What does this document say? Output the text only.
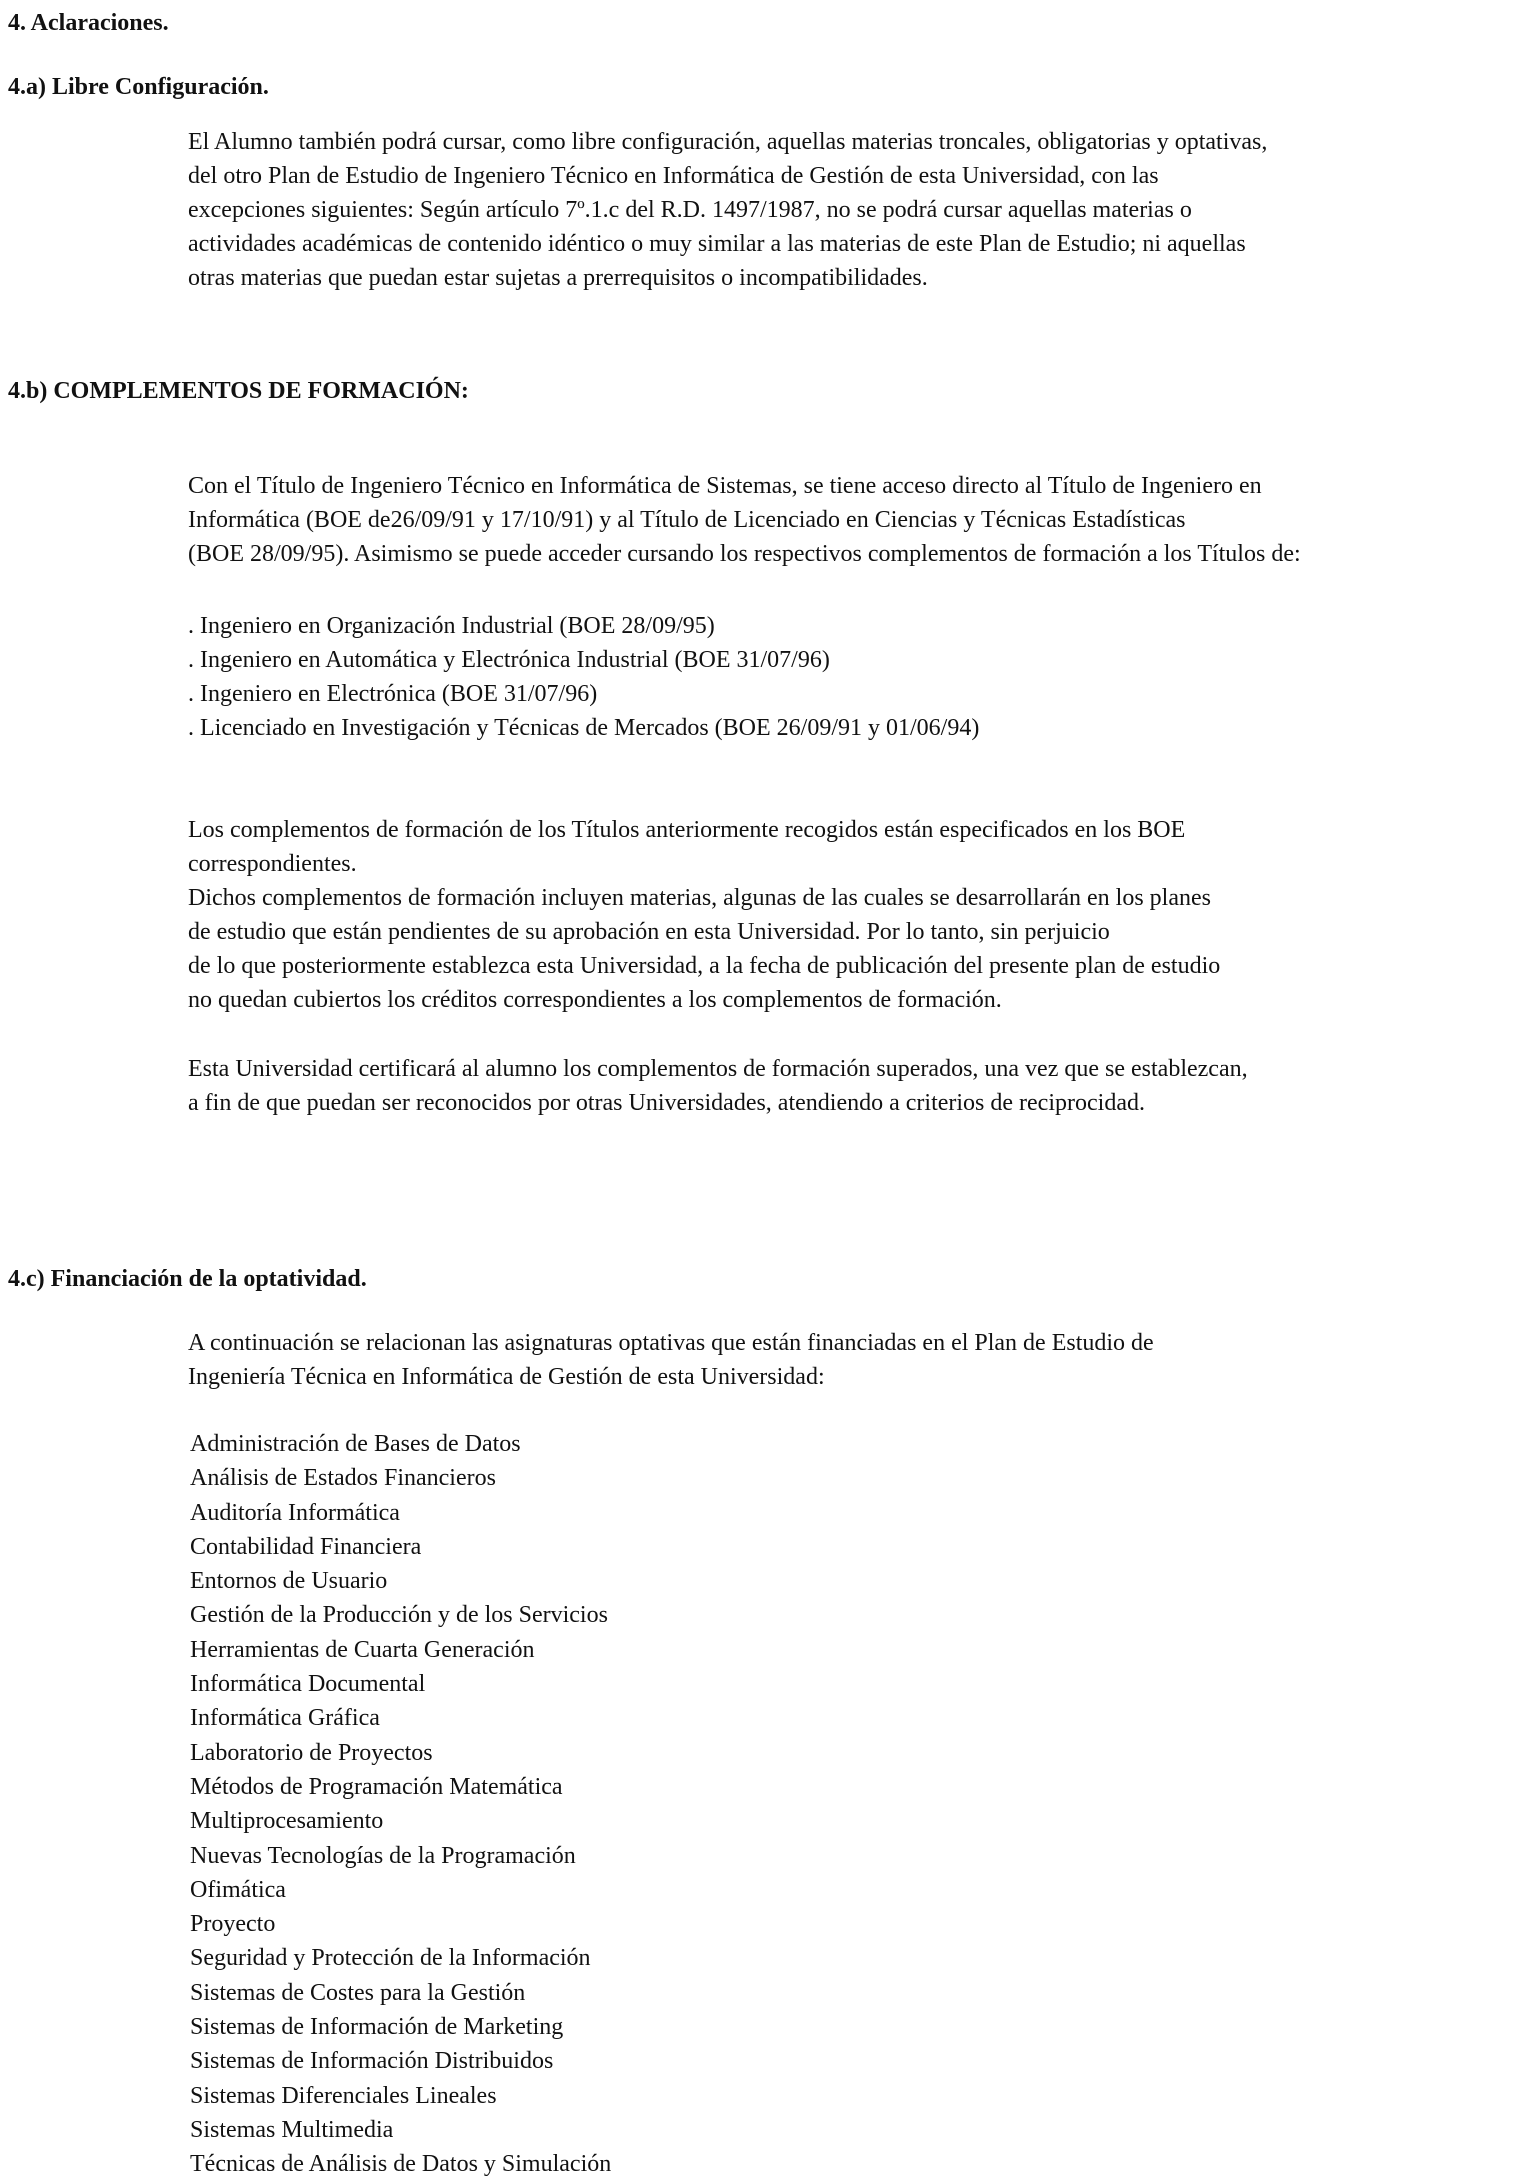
4. Aclaraciones.
4.a) Libre Configuración.
El Alumno también podrá cursar, como libre configuración, aquellas materias troncales, obligatorias y optativas,
del otro Plan de Estudio de Ingeniero Técnico en Informática de Gestión de esta Universidad, con las
excepciones siguientes: Según artículo 7º.1.c del R.D. 1497/1987, no se podrá cursar aquellas materias o
actividades académicas de contenido idéntico o muy similar a las materias de este Plan de Estudio; ni aquellas
otras materias que puedan estar sujetas a prerrequisitos o incompatibilidades.
4.b) COMPLEMENTOS DE FORMACIÓN:
Con el Título de Ingeniero Técnico en Informática de Sistemas, se tiene acceso directo al Título de Ingeniero en
Informática (BOE de26/09/91 y 17/10/91) y al Título de Licenciado en Ciencias y Técnicas Estadísticas
(BOE 28/09/95). Asimismo se puede acceder cursando los respectivos complementos de formación a los Títulos de:
. Ingeniero en Organización Industrial (BOE 28/09/95)
. Ingeniero en Automática y Electrónica Industrial (BOE 31/07/96)
. Ingeniero en Electrónica (BOE 31/07/96)
. Licenciado en Investigación y Técnicas de Mercados (BOE 26/09/91 y 01/06/94)
Los complementos de formación de los Títulos anteriormente recogidos están especificados en los BOE
correspondientes.
Dichos complementos de formación incluyen materias, algunas de las cuales se desarrollarán en los planes
de estudio que están pendientes de su aprobación en esta Universidad. Por lo tanto, sin perjuicio
de lo que posteriormente establezca esta Universidad, a la fecha de publicación del presente plan de estudio
no quedan cubiertos los créditos correspondientes a los complementos de formación.
Esta Universidad certificará al alumno los complementos de formación superados, una vez que se establezcan,
a fin de que puedan ser reconocidos por otras Universidades, atendiendo a criterios de reciprocidad.
4.c) Financiación de la optatividad.
A continuación se relacionan las asignaturas optativas que están financiadas en el Plan de Estudio de
Ingeniería Técnica en Informática de Gestión de esta Universidad:
Administración de Bases de Datos
Análisis de Estados Financieros
Auditoría Informática
Contabilidad Financiera
Entornos de Usuario
Gestión de la Producción y de los Servicios
Herramientas de Cuarta Generación
Informática Documental
Informática Gráfica
Laboratorio de Proyectos
Métodos de Programación Matemática
Multiprocesamiento
Nuevas Tecnologías de la Programación
Ofimática
Proyecto
Seguridad y Protección de la Información
Sistemas de Costes para la Gestión
Sistemas de Información de Marketing
Sistemas de Información Distribuidos
Sistemas Diferenciales Lineales
Sistemas Multimedia
Técnicas de Análisis de Datos y Simulación
